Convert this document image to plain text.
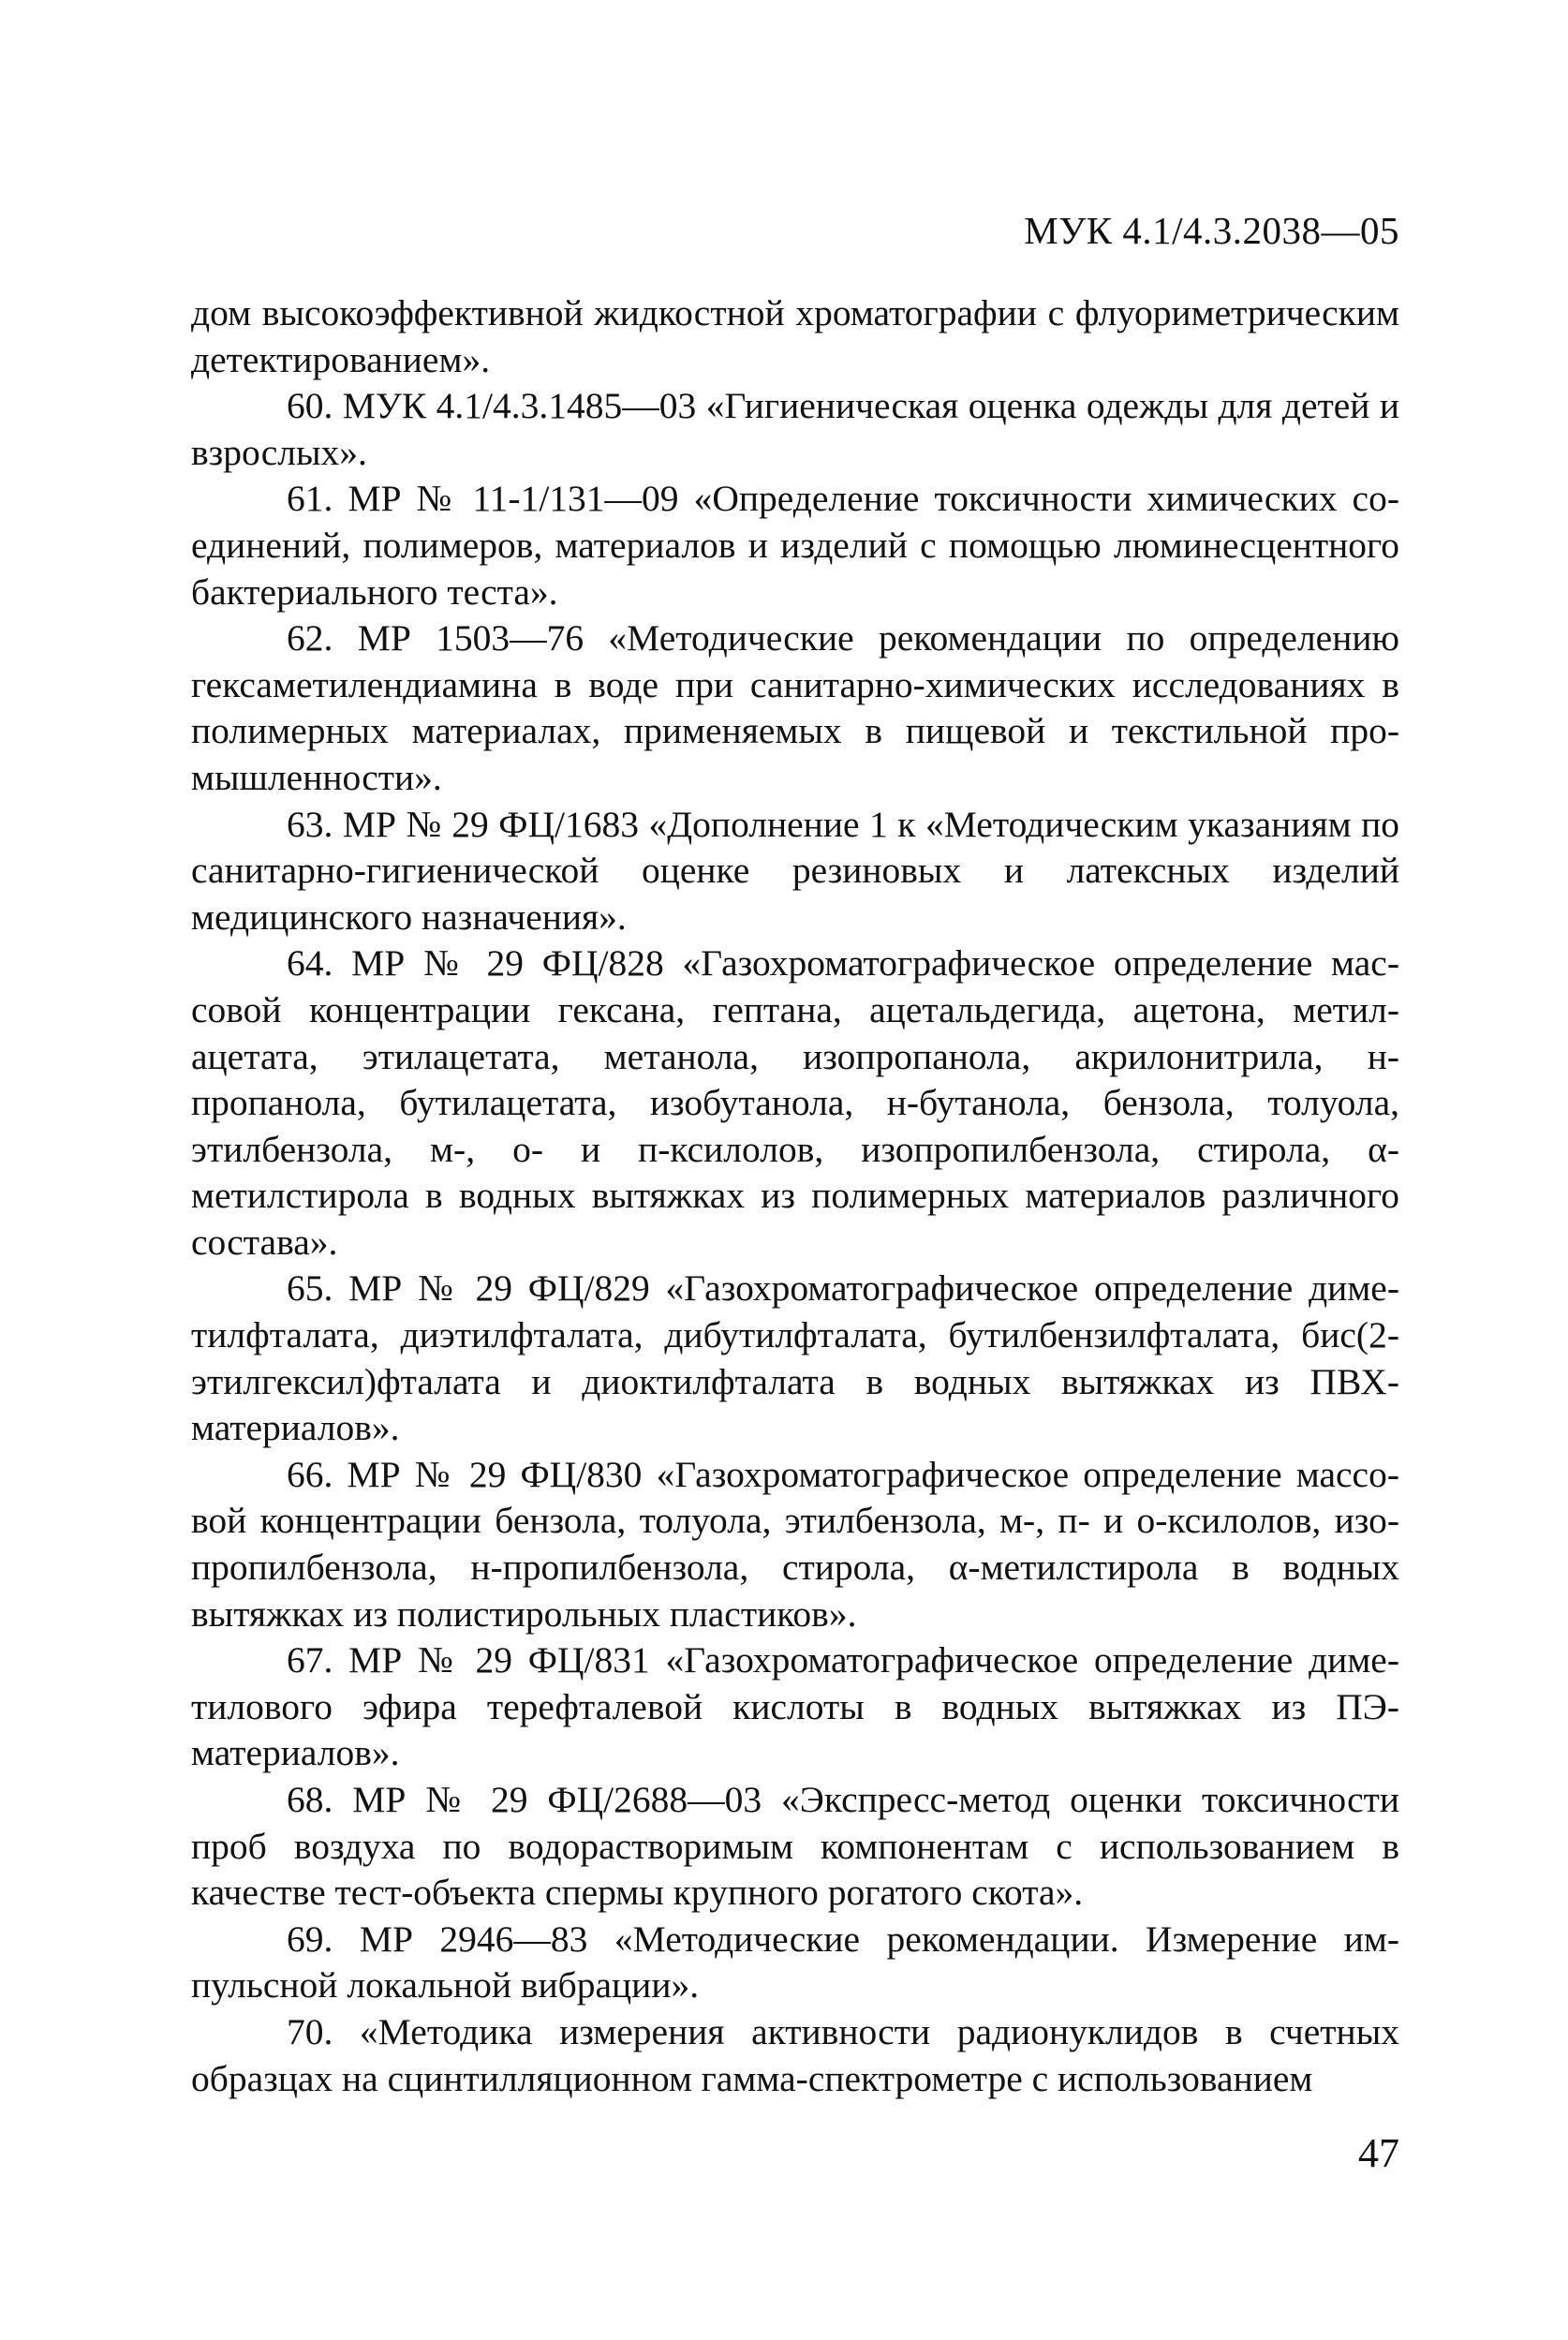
МУК 4.1/4.3.2038—05

дом высокоэффективной жидкостной хроматографии с флуориметрическим детектированием».

60. МУК 4.1/4.3.1485—03 «Гигиеническая оценка одежды для детей и взрослых».

61. МР № 11-1/131—09 «Определение токсичности химических соединений, полимеров, материалов и изделий с помощью люминесцентного бактериального теста».

62. МР 1503—76 «Методические рекомендации по определению гексаметилендиамина в воде при санитарно-химических исследованиях в полимерных материалах, применяемых в пищевой и текстильной промышленности».

63. МР № 29 ФЦ/1683 «Дополнение 1 к «Методическим указаниям по санитарно-гигиенической оценке резиновых и латексных изделий медицинского назначения».

64. МР № 29 ФЦ/828 «Газохроматографическое определение массовой концентрации гексана, гептана, ацетальдегида, ацетона, метилацетата, этилацетата, метанола, изопропанола, акрилонитрила, н-пропанола, бутилацетата, изобутанола, н-бутанола, бензола, толуола, этилбензола, м-, о- и п-ксилолов, изопропилбензола, стирола, α-метилстирола в водных вытяжках из полимерных материалов различного состава».

65. МР № 29 ФЦ/829 «Газохроматографическое определение диметилфталата, диэтилфталата, дибутилфталата, бутилбензилфталата, бис(2-этилгексил)фталата и диоктилфталата в водных вытяжках из ПВХ-материалов».

66. МР № 29 ФЦ/830 «Газохроматографическое определение массовой концентрации бензола, толуола, этилбензола, м-, п- и о-ксилолов, изопропилбензола, н-пропилбензола, стирола, α-метилстирола в водных вытяжках из полистирольных пластиков».

67. МР № 29 ФЦ/831 «Газохроматографическое определение диметилового эфира терефталевой кислоты в водных вытяжках из ПЭ-материалов».

68. МР № 29 ФЦ/2688—03 «Экспресс-метод оценки токсичности проб воздуха по водорастворимым компонентам с использованием в качестве тест-объекта спермы крупного рогатого скота».

69. МР 2946—83 «Методические рекомендации. Измерение импульсной локальной вибрации».

70. «Методика измерения активности радионуклидов в счетных образцах на сцинтилляционном гамма-спектрометре с использованием

47
